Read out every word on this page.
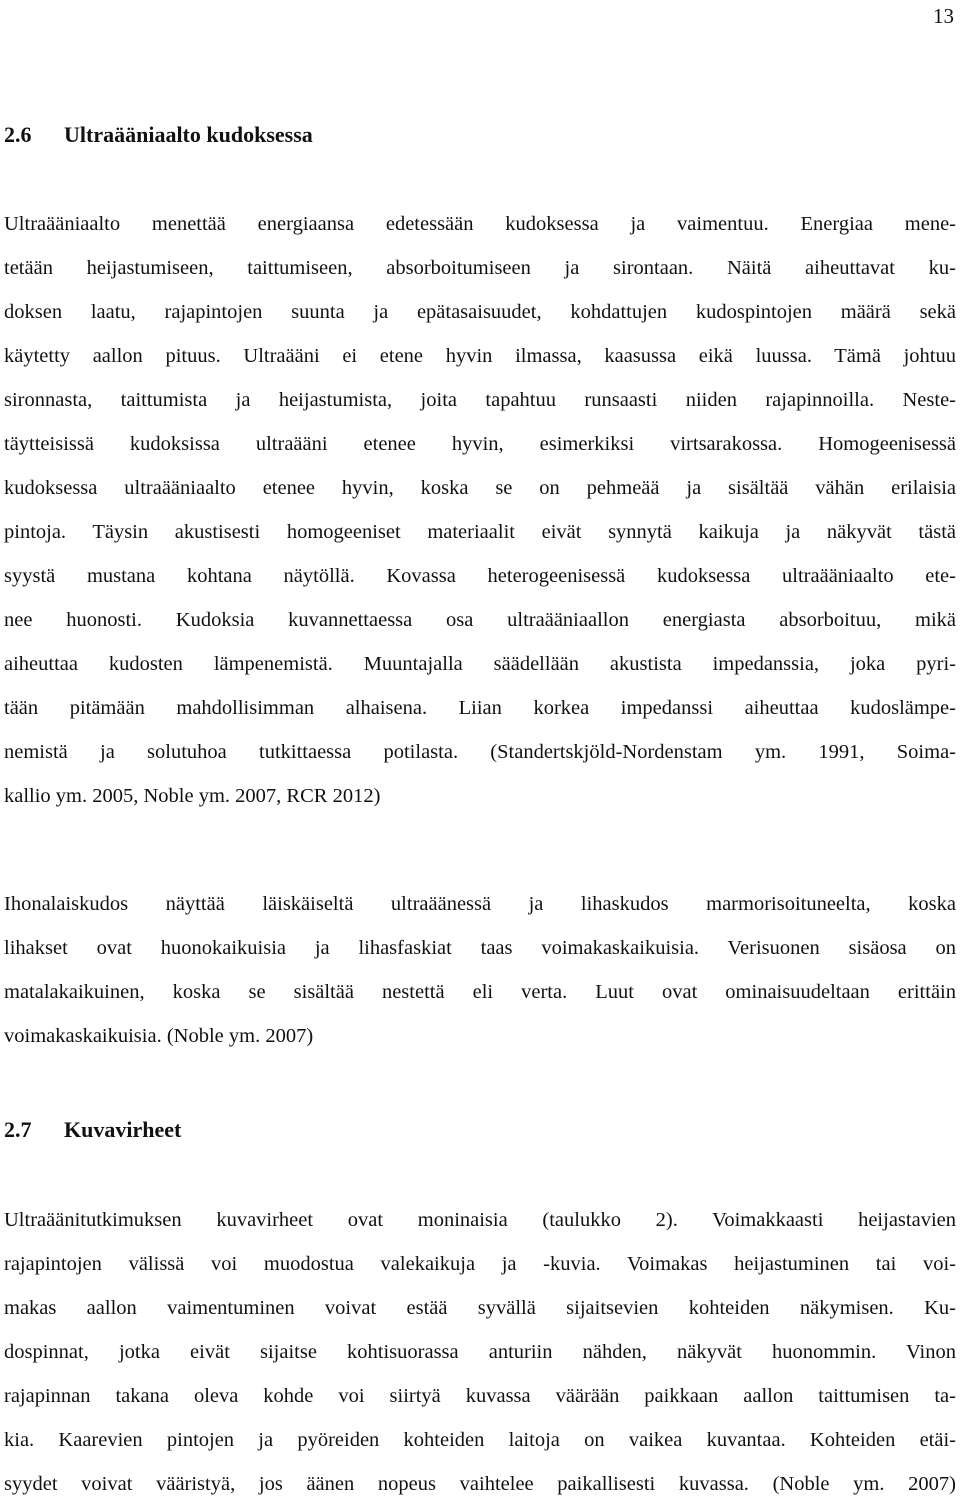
13
2.6 Ultraääniaalto kudoksessa
Ultraääniaalto menettää energiaansa edetessään kudoksessa ja vaimentuu. Energiaa mene-
tetään heijastumiseen, taittumiseen, absorboitumiseen ja sirontaan. Näitä aiheuttavat ku-
doksen laatu, rajapintojen suunta ja epätasaisuudet, kohdattujen kudospintojen määrä sekä
käytetty aallon pituus. Ultraääni ei etene hyvin ilmassa, kaasussa eikä luussa. Tämä johtuu
sironnasta, taittumista ja heijastumista, joita tapahtuu runsaasti niiden rajapinnoilla. Neste-
täytteisissä kudoksissa ultraääni etenee hyvin, esimerkiksi virtsarakossa. Homogeenisessä
kudoksessa ultraääniaalto etenee hyvin, koska se on pehmeää ja sisältää vähän erilaisia
pintoja. Täysin akustisesti homogeeniset materiaalit eivät synnytä kaikuja ja näkyvät tästä
syystä mustana kohtana näytöllä. Kovassa heterogeenisessä kudoksessa ultraääniaalto ete-
nee huonosti. Kudoksia kuvannettaessa osa ultraääniaallon energiasta absorboituu, mikä
aiheuttaa kudosten lämpenemistä. Muuntajalla säädellään akustista impedanssia, joka pyri-
tään pitämään mahdollisimman alhaisena. Liian korkea impedanssi aiheuttaa kudoslämpe-
nemistä ja solutuhoa tutkittaessa potilasta. (Standertskjöld-Nordenstam ym. 1991, Soima-
kallio ym. 2005, Noble ym. 2007, RCR 2012)
Ihonalaiskudos näyttää läiskäiseltä ultraäänessä ja lihaskudos marmorisoituneelta, koska
lihakset ovat huonokaikuisia ja lihasfaskiat taas voimakaskaikuisia. Verisuonen sisäosa on
matalakaikuinen, koska se sisältää nestettä eli verta. Luut ovat ominaisuudeltaan erittäin
voimakaskaikuisia. (Noble ym. 2007)
2.7 Kuvavirheet
Ultraäänitutkimuksen kuvavirheet ovat moninaisia (taulukko 2). Voimakkaasti heijastavien
rajapintojen välissä voi muodostua valekaikuja ja -kuvia. Voimakas heijastuminen tai voi-
makas aallon vaimentuminen voivat estää syvällä sijaitsevien kohteiden näkymisen. Ku-
dospinnat, jotka eivät sijaitse kohtisuorassa anturiin nähden, näkyvät huonommin. Vinon
rajapinnan takana oleva kohde voi siirtyä kuvassa väärään paikkaan aallon taittumisen ta-
kia. Kaarevien pintojen ja pyöreiden kohteiden laitoja on vaikea kuvantaa. Kohteiden etäi-
syydet voivat vääristyä, jos äänen nopeus vaihtelee paikallisesti kuvassa. (Noble ym. 2007)
